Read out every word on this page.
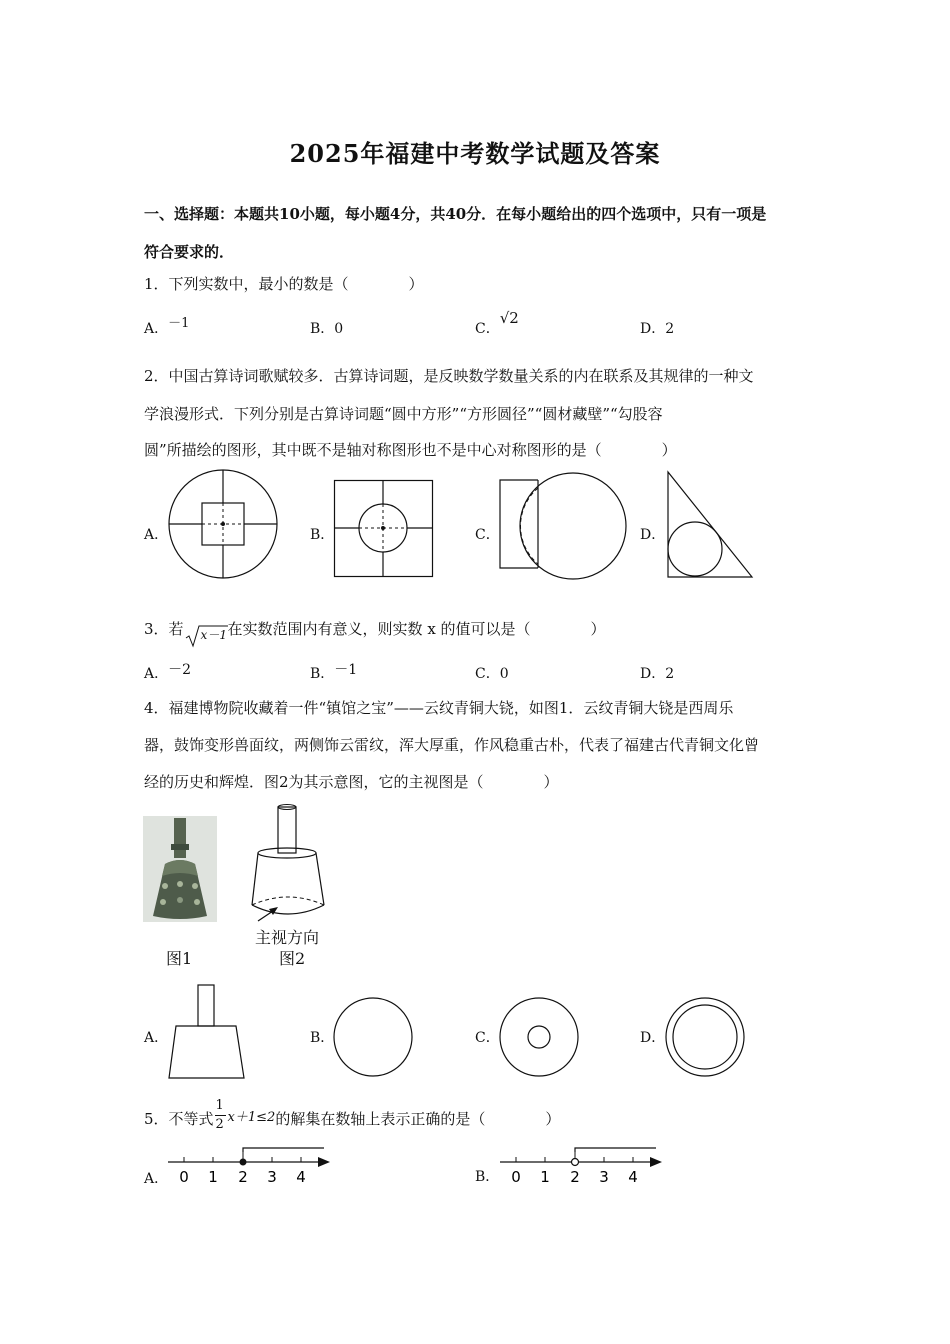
2025年福建中考数学试题及答案
一、选择题：本题共10小题，每小题4分，共40分．在每小题给出的四个选项中，只有一项是
符合要求的．
1．下列实数中，最小的数是（　　　　）
A．－1	B．0	C．√2
D．2
2．中国古算诗词歌赋较多．古算诗词题，是反映数学数量关系的内在联系及其规律的一种文
学浪漫形式．下列分别是古算诗词题“圆中方形”“方形圆径”“圆材藏壁”“勾股容
圆”所描绘的图形，其中既不是轴对称图形也不是中心对称图形的是（　　　　）
A．	B．	C．	D．
3．若 x－1 在实数范围内有意义，则实数 x 的值可以是（　　　　）
A．－2	B．－1	C．0	D．2
4．福建博物院收藏着一件“镇馆之宝”——云纹青铜大铙，如图1．云纹青铜大铙是西周乐
器，鼓饰变形兽面纹，两侧饰云雷纹，浑大厚重，作风稳重古朴，代表了福建古代青铜文化曾
经的历史和辉煌．图2为其示意图，它的主视图是（　　　　）
图1
主视方向
图2
A．	B．	C．	D．
5．不等式 $\frac{1}{2} x+1\le 2$的解集在数轴上表示正确的是（　　　　）
A．	B．
0 1 2 3 4	0 1 2 3 4
